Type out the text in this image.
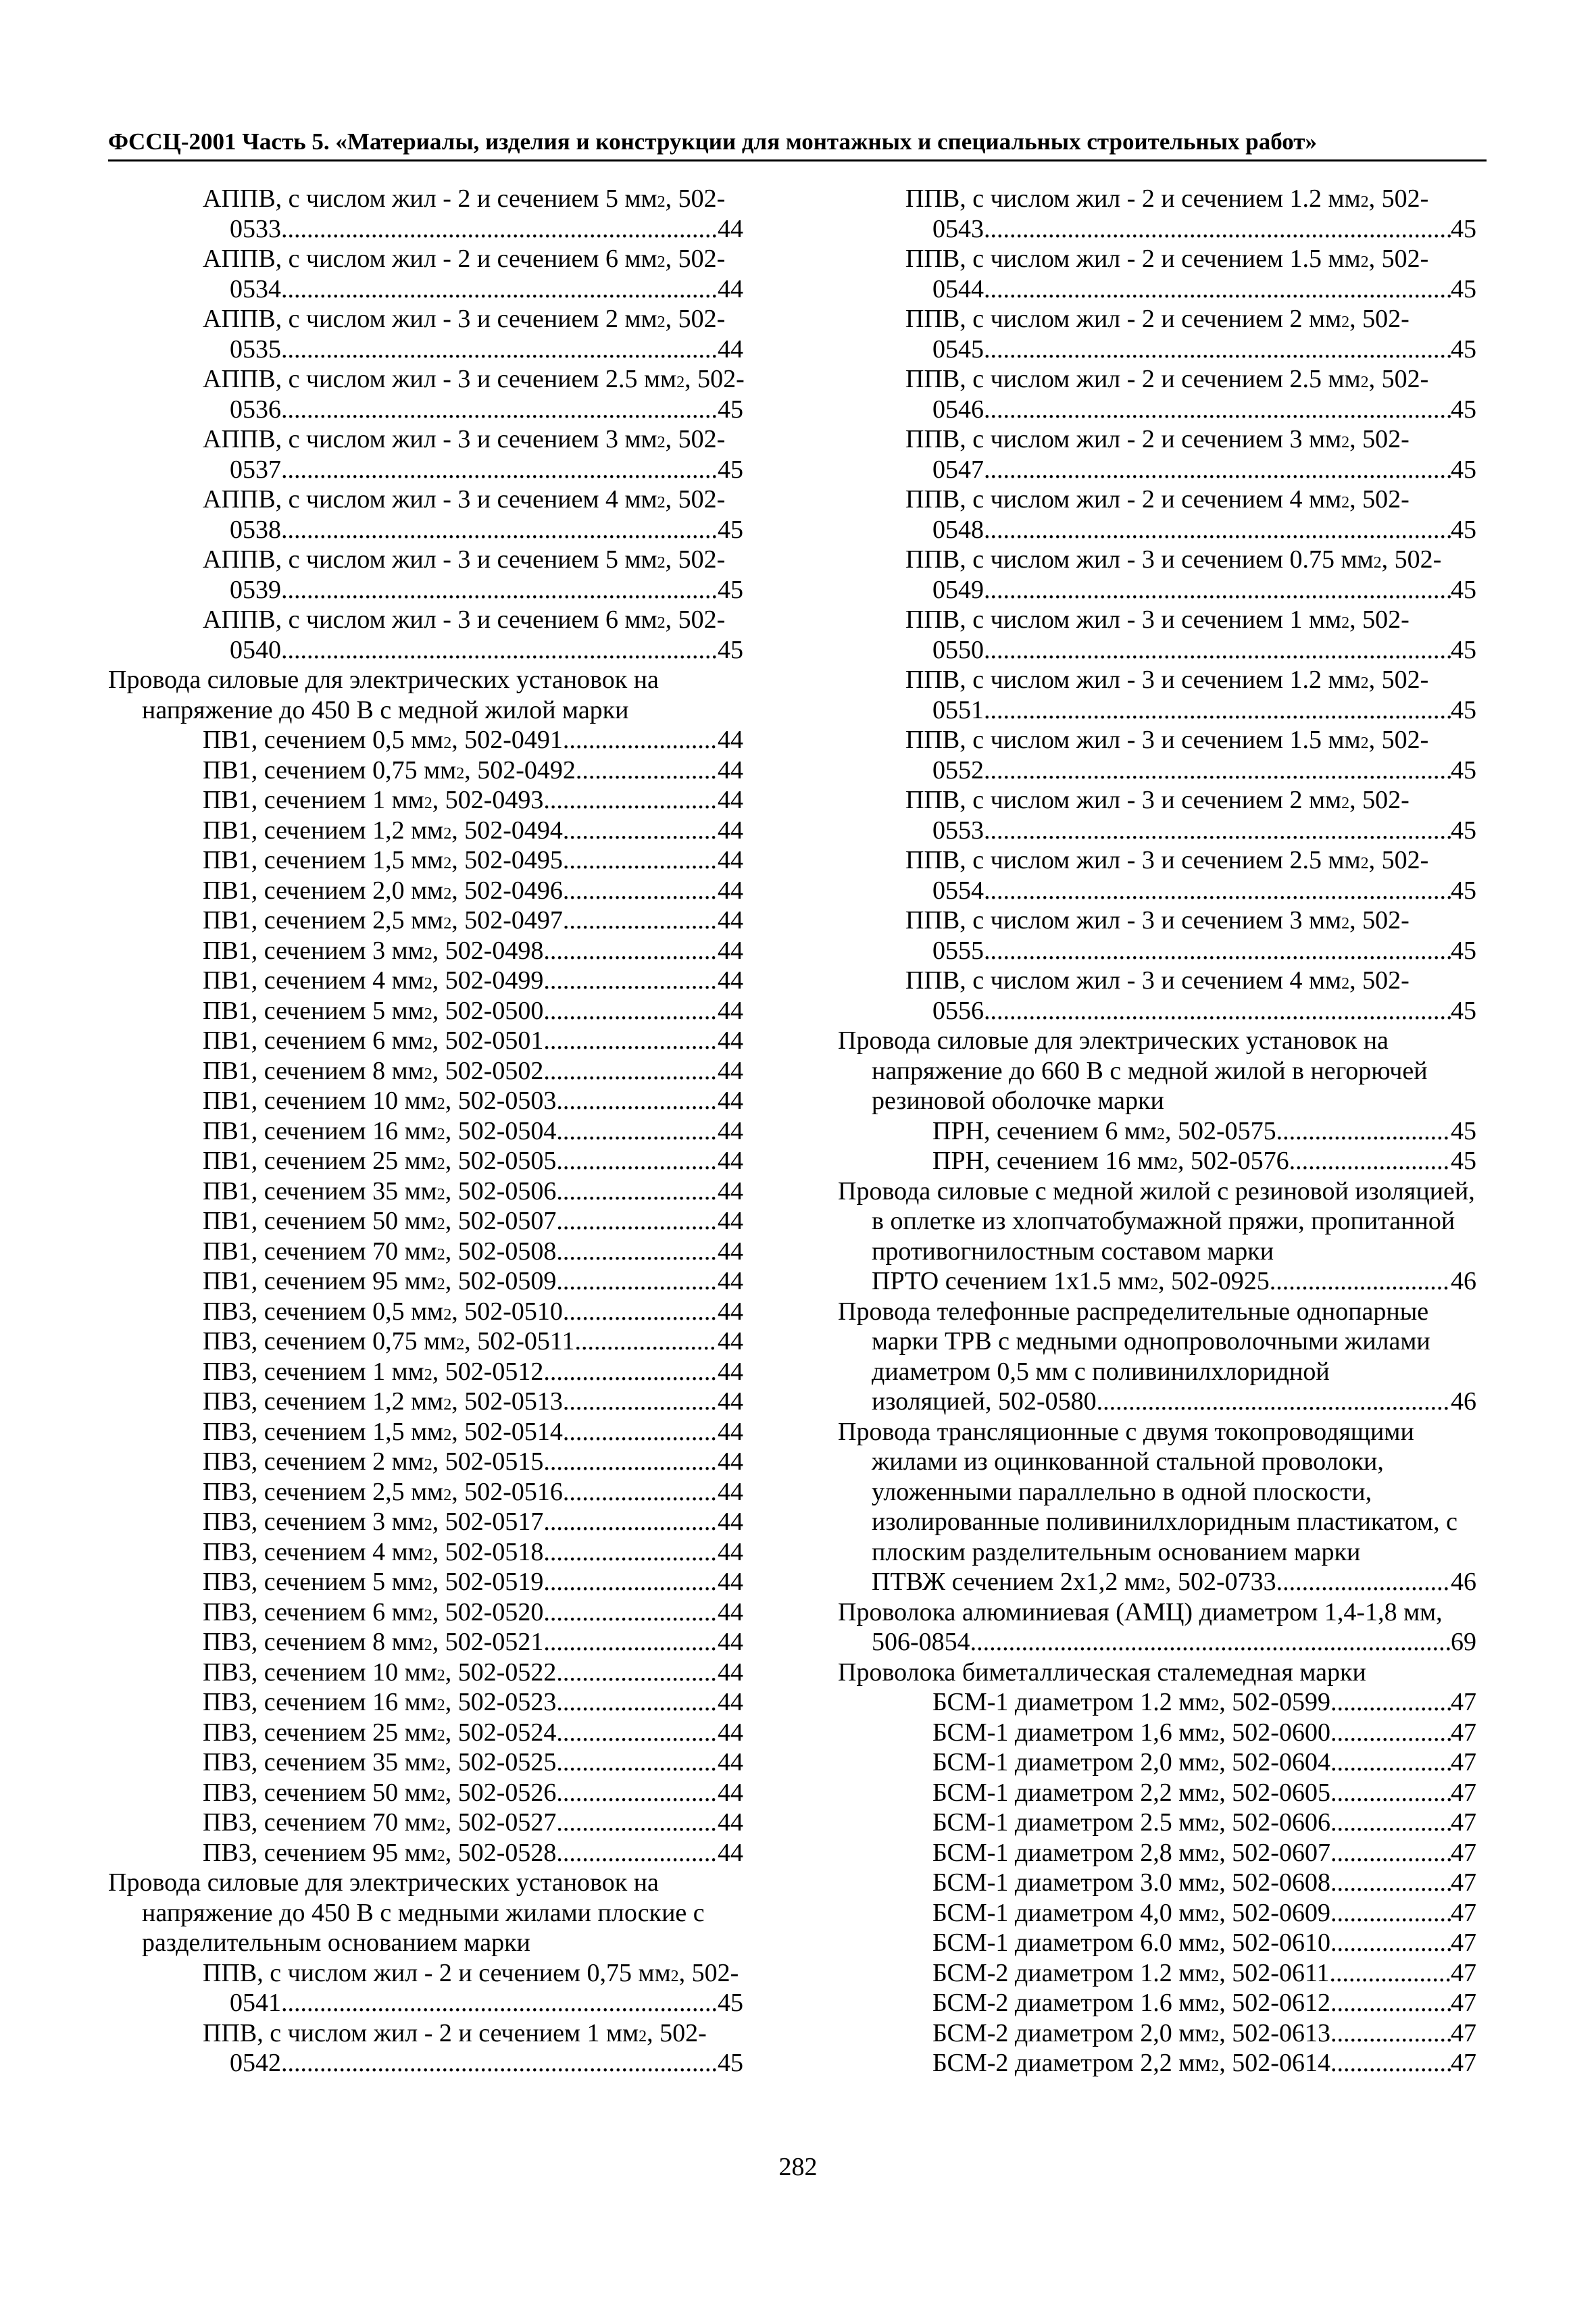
ФССЦ-2001 Часть 5. «Материалы, изделия и конструкции для монтажных и специальных строительных работ»
АППВ, с числом жил - 2 и сечением 5 мм 2 , 502-
0533 .....	44
АППВ, с числом жил - 2 и сечением 6 мм 2 , 502-
0534 .....	44
АППВ, с числом жил - 3 и сечением 2 мм 2 , 502-
0535 .....	44
АППВ, с числом жил - 3 и сечением 2.5 мм 2 , 502-
0536 .....	45
АППВ, с числом жил - 3 и сечением 3 мм 2 , 502-
0537 .....	45
АППВ, с числом жил - 3 и сечением 4 мм 2 , 502-
0538 .....	45
АППВ, с числом жил - 3 и сечением 5 мм 2 , 502-
0539 .....	45
АППВ, с числом жил - 3 и сечением 6 мм 2 , 502-
0540 .....	45
Провода силовые для электрических установок на
напряжение до 450 В с медной жилой марки
ПВ1, сечением 0,5 мм 2 , 502-0491 .....	44
ПВ1, сечением 0,75 мм 2 , 502-0492 .....	44
ПВ1, сечением 1 мм 2 , 502-0493 .....	44
ПВ1, сечением 1,2 мм 2 , 502-0494 .....	44
ПВ1, сечением 1,5 мм 2 , 502-0495 .....	44
ПВ1, сечением 2,0 мм 2 , 502-0496 .....	44
ПВ1, сечением 2,5 мм 2 , 502-0497 .....	44
ПВ1, сечением 3 мм 2 , 502-0498 .....	44
ПВ1, сечением 4 мм 2 , 502-0499 .....	44
ПВ1, сечением 5 мм 2 , 502-0500 .....	44
ПВ1, сечением 6 мм 2 , 502-0501 .....	44
ПВ1, сечением 8 мм 2 , 502-0502 .....	44
ПВ1, сечением 10 мм 2 , 502-0503 .....	44
ПВ1, сечением 16 мм 2 , 502-0504 .....	44
ПВ1, сечением 25 мм 2 , 502-0505 .....	44
ПВ1, сечением 35 мм 2 , 502-0506 .....	44
ПВ1, сечением 50 мм 2 , 502-0507 .....	44
ПВ1, сечением 70 мм 2 , 502-0508 .....	44
ПВ1, сечением 95 мм 2 , 502-0509 .....	44
ПВ3, сечением 0,5 мм 2 , 502-0510 .....	44
ПВ3, сечением 0,75 мм 2 , 502-0511 .....	44
ПВ3, сечением 1 мм 2 , 502-0512 .....	44
ПВ3, сечением 1,2 мм 2 , 502-0513 .....	44
ПВ3, сечением 1,5 мм 2 , 502-0514 .....	44
ПВ3, сечением 2 мм 2 , 502-0515 .....	44
ПВ3, сечением 2,5 мм 2 , 502-0516 .....	44
ПВ3, сечением 3 мм 2 , 502-0517 .....	44
ПВ3, сечением 4 мм 2 , 502-0518 .....	44
ПВ3, сечением 5 мм 2 , 502-0519 .....	44
ПВ3, сечением 6 мм 2 , 502-0520 .....	44
ПВ3, сечением 8 мм 2 , 502-0521 .....	44
ПВ3, сечением 10 мм 2 , 502-0522 .....	44
ПВ3, сечением 16 мм 2 , 502-0523 .....	44
ПВ3, сечением 25 мм 2 , 502-0524 .....	44
ПВ3, сечением 35 мм 2 , 502-0525 .....	44
ПВ3, сечением 50 мм 2 , 502-0526 .....	44
ПВ3, сечением 70 мм 2 , 502-0527 .....	44
ПВ3, сечением 95 мм 2 , 502-0528 .....	44
Провода силовые для электрических установок на
напряжение до 450 В с медными жилами плоские с
разделительным основанием марки
ППВ, с числом жил - 2 и сечением 0,75 мм 2 , 502-
0541 .....	45
ППВ, с числом жил - 2 и сечением 1 мм 2 , 502-
0542 .....	45
ППВ, с числом жил - 2 и сечением 1.2 мм 2 , 502-
0543 .....	45
ППВ, с числом жил - 2 и сечением 1.5 мм 2 , 502-
0544 .....	45
ППВ, с числом жил - 2 и сечением 2 мм 2 , 502-
0545 .....	45
ППВ, с числом жил - 2 и сечением 2.5 мм 2 , 502-
0546 .....	45
ППВ, с числом жил - 2 и сечением 3 мм 2 , 502-
0547 .....	45
ППВ, с числом жил - 2 и сечением 4 мм 2 , 502-
0548 .....	45
ППВ, с числом жил - 3 и сечением 0.75 мм 2 , 502-
0549 .....	45
ППВ, с числом жил - 3 и сечением 1 мм 2 , 502-
0550 .....	45
ППВ, с числом жил - 3 и сечением 1.2 мм 2 , 502-
0551 .....	45
ППВ, с числом жил - 3 и сечением 1.5 мм 2 , 502-
0552 .....	45
ППВ, с числом жил - 3 и сечением 2 мм 2 , 502-
0553 .....	45
ППВ, с числом жил - 3 и сечением 2.5 мм 2 , 502-
0554 .....	45
ППВ, с числом жил - 3 и сечением 3 мм 2 , 502-
0555 .....	45
ППВ, с числом жил - 3 и сечением 4 мм 2 , 502-
0556 .....	45
Провода силовые для электрических установок на напряжение до 660 В с медной жилой в негорючей резиновой оболочке марки
ПРН, сечением 6 мм 2 , 502-0575 .....	45
ПРН, сечением 16 мм 2 , 502-0576 .....	45
Провода силовые с медной жилой с резиновой изоляцией, в оплетке из хлопчатобумажной пряжи, пропитанной противогнилостным составом марки
ПРТО сечением 1х1.5 мм 2 , 502-0925 .....	46
Провода телефонные распределительные однопарные марки ТРВ с медными однопроволочными жилами диаметром 0,5 мм с поливинилхлоридной
изоляцией, 502-0580 .....	46
Провода трансляционные с двумя токопроводящими жилами из оцинкованной стальной проволоки, уложенными параллельно в одной плоскости, изолированные поливинилхлоридным пластикатом, с плоским разделительным основанием марки
ПТВЖ сечением 2х1,2 мм 2 , 502-0733 .....	46
Проволока алюминиевая (АМЦ) диаметром 1,4-1,8 мм,
506-0854 .....	69
Проволока биметаллическая сталемедная марки
БСМ-1 диаметром 1.2 мм 2 , 502-0599 .....	47
БСМ-1 диаметром 1,6 мм 2 , 502-0600 .....	47
БСМ-1 диаметром 2,0 мм 2 , 502-0604 .....	47
БСМ-1 диаметром 2,2 мм 2 , 502-0605 .....	47
БСМ-1 диаметром 2.5 мм 2 , 502-0606 .....	47
БСМ-1 диаметром 2,8 мм 2 , 502-0607 .....	47
БСМ-1 диаметром 3.0 мм 2 , 502-0608 .....	47
БСМ-1 диаметром 4,0 мм 2 , 502-0609 .....	47
БСМ-1 диаметром 6.0 мм 2 , 502-0610 .....	47
БСМ-2 диаметром 1.2 мм 2 , 502-0611 .....	47
БСМ-2 диаметром 1.6 мм 2 , 502-0612 .....	47
БСМ-2 диаметром 2,0 мм 2 , 502-0613 .....	47
БСМ-2 диаметром 2,2 мм 2 , 502-0614 .....	47
282
